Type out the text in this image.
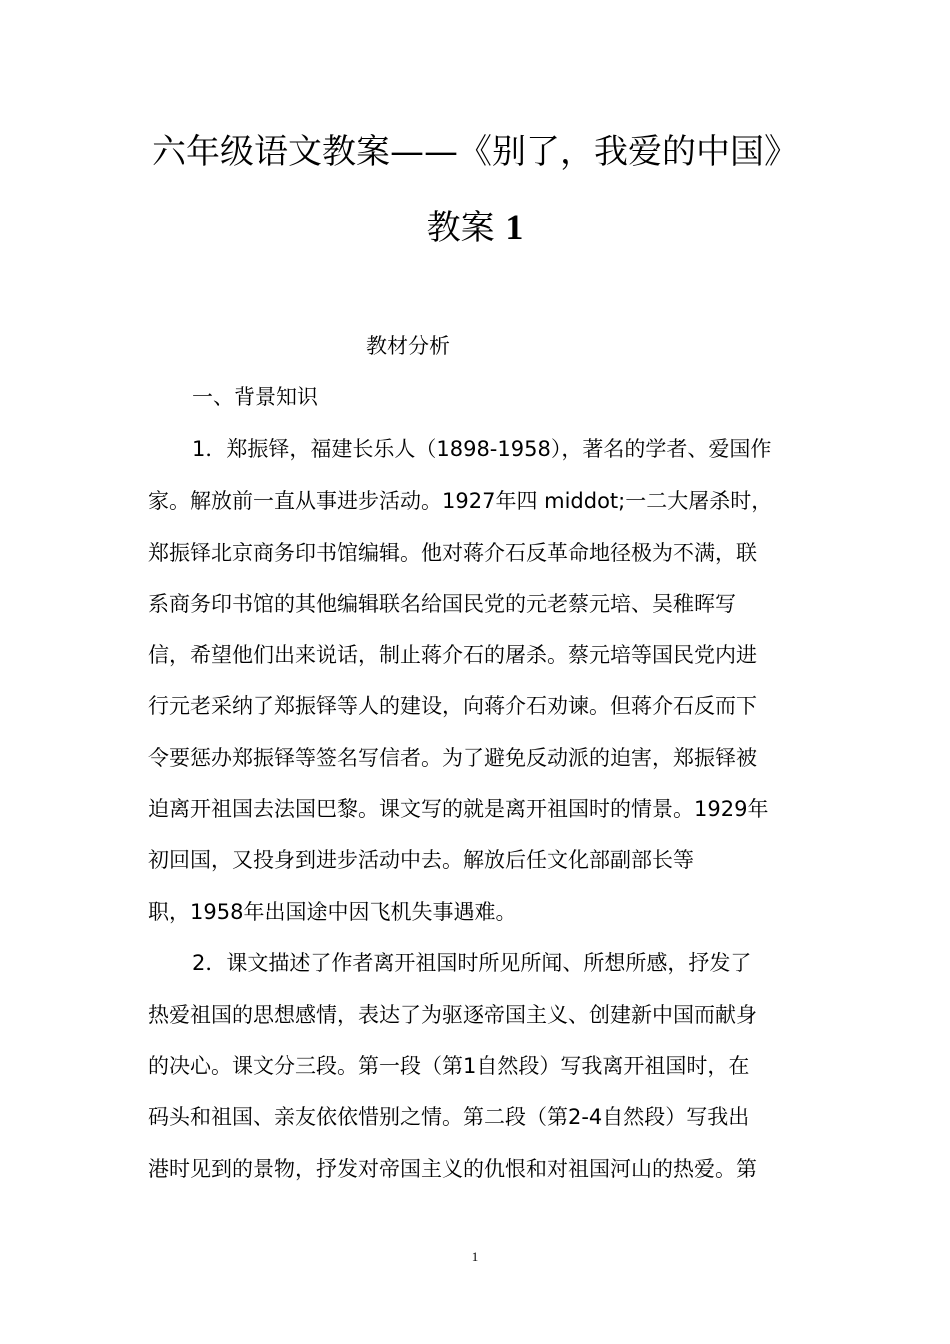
六年级语文教案——《别了，我爱的中国》
教案 1
教材分析
一、背景知识
1．郑振铎，福建长乐人（1898-1958），著名的学者、爱国作
家。解放前一直从事进步活动。1927年四 middot;一二大屠杀时，
郑振铎北京商务印书馆编辑。他对蒋介石反革命地径极为不满，联
系商务印书馆的其他编辑联名给国民党的元老蔡元培、吴稚晖写
信，希望他们出来说话，制止蒋介石的屠杀。蔡元培等国民党内进
行元老采纳了郑振铎等人的建设，向蒋介石劝谏。但蒋介石反而下
令要惩办郑振铎等签名写信者。为了避免反动派的迫害，郑振铎被
迫离开祖国去法国巴黎。课文写的就是离开祖国时的情景。1929年
初回国，又投身到进步活动中去。解放后任文化部副部长等
职，1958年出国途中因飞机失事遇难。
2．课文描述了作者离开祖国时所见所闻、所想所感，抒发了
热爱祖国的思想感情，表达了为驱逐帝国主义、创建新中国而献身
的决心。课文分三段。第一段（第1自然段）写我离开祖国时，在
码头和祖国、亲友依依惜别之情。第二段（第2-4自然段）写我出
港时见到的景物，抒发对帝国主义的仇恨和对祖国河山的热爱。第
1
